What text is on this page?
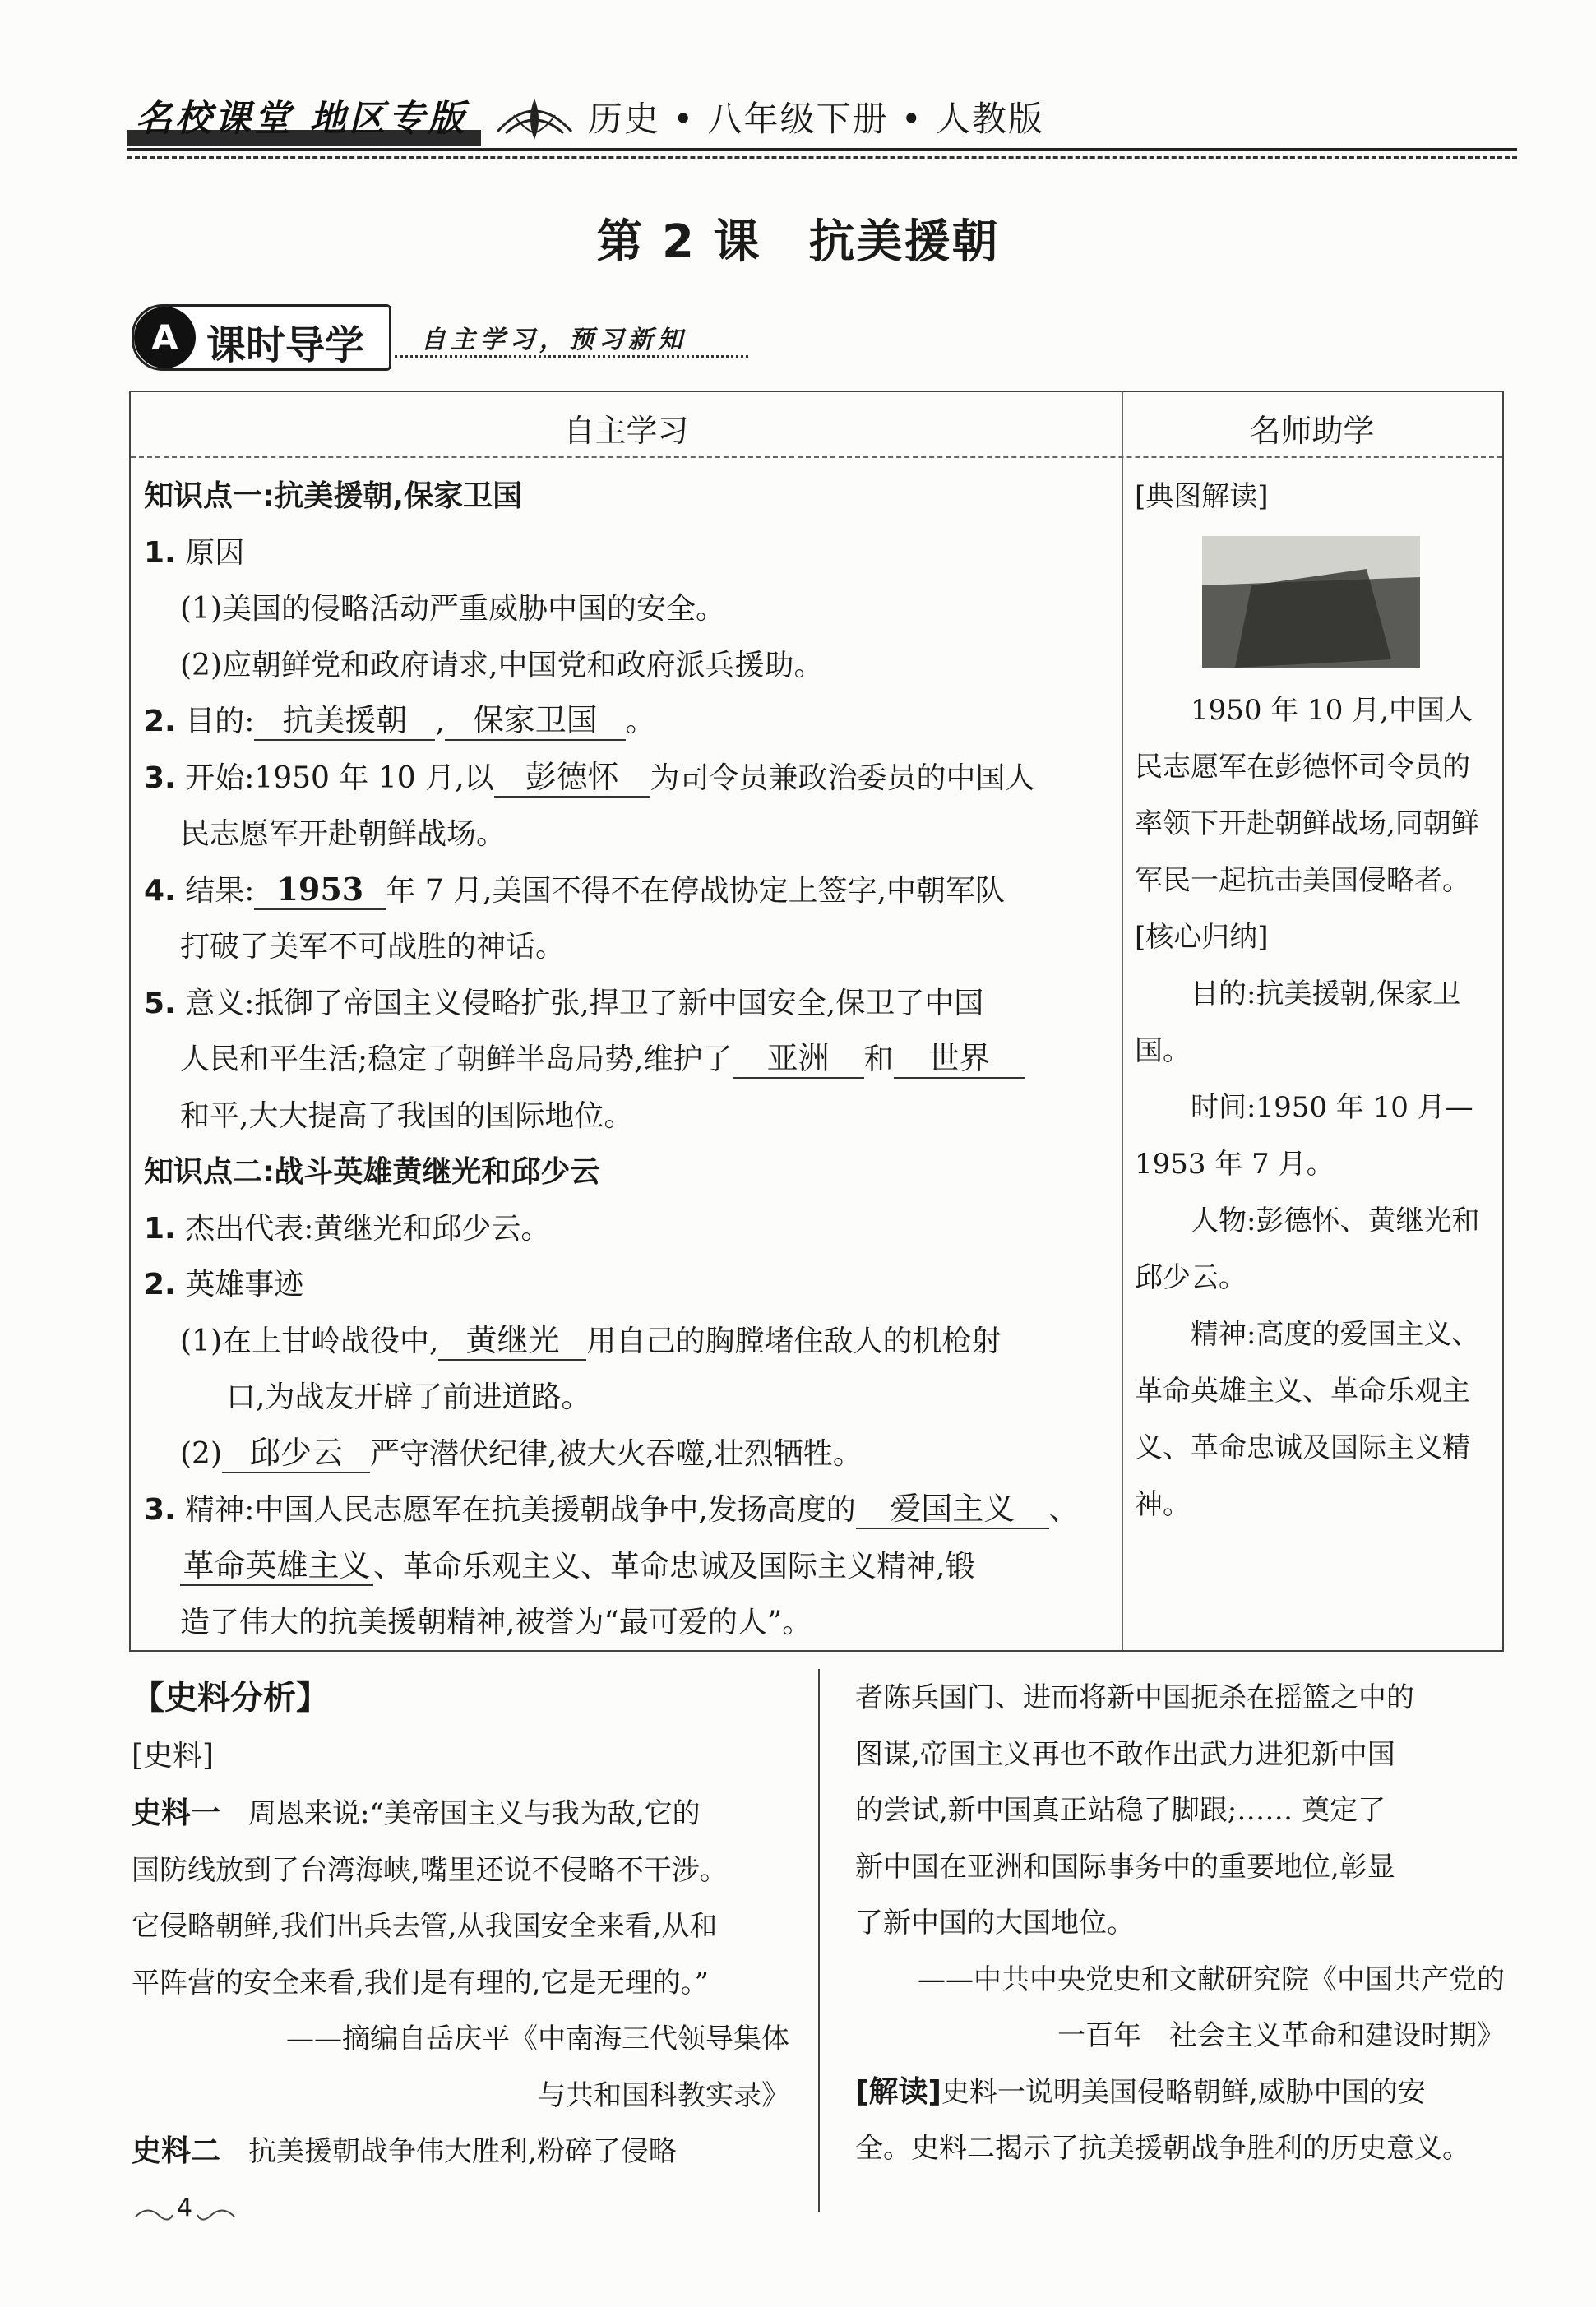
名校课堂 地区专版	历史 • 八年级下册 • 人教版
第 2 课　抗美援朝
A 课时导学 自主学习，预习新知
自主学习	名师助学
知识点一:抗美援朝,保家卫国
1. 原因
(1)美国的侵略活动严重威胁中国的安全。
(2)应朝鲜党和政府请求,中国党和政府派兵援助。
2. 目的: 抗美援朝 , 保家卫国 。
3. 开始:1950 年 10 月,以 彭德怀 为司令员兼政治委员的中国人
民志愿军开赴朝鲜战场。
4. 结果: 1953 年 7 月,美国不得不在停战协定上签字,中朝军队
打破了美军不可战胜的神话。
5. 意义:抵御了帝国主义侵略扩张,捍卫了新中国安全,保卫了中国
人民和平生活;稳定了朝鲜半岛局势,维护了 亚洲 和 世界
和平,大大提高了我国的国际地位。
知识点二:战斗英雄黄继光和邱少云
1. 杰出代表:黄继光和邱少云。
2. 英雄事迹
(1)在上甘岭战役中, 黄继光 用自己的胸膛堵住敌人的机枪射
口,为战友开辟了前进道路。
(2) 邱少云 严守潜伏纪律,被大火吞噬,壮烈牺牲。
3. 精神:中国人民志愿军在抗美援朝战争中,发扬高度的 爱国主义 、
革命英雄主义、革命乐观主义、革命忠诚及国际主义精神,锻
造了伟大的抗美援朝精神,被誉为“最可爱的人”。
[典图解读]
1950 年 10 月,中国人民志愿军在彭德怀司令员的率领下开赴朝鲜战场,同朝鲜军民一起抗击美国侵略者。
[核心归纳]
目的:抗美援朝,保家卫国。
时间:1950 年 10 月—1953 年 7 月。
人物:彭德怀、黄继光和邱少云。
精神:高度的爱国主义、革命英雄主义、革命乐观主义、革命忠诚及国际主义精神。
【史料分析】
[史料]
史料一　 周恩来说:“美帝国主义与我为敌,它的
国防线放到了台湾海峡,嘴里还说不侵略不干涉。
它侵略朝鲜,我们出兵去管,从我国安全来看,从和
平阵营的安全来看,我们是有理的,它是无理的。”
——摘编自岳庆平《中南海三代领导集体
与共和国科教实录》
史料二　 抗美援朝战争伟大胜利,粉碎了侵略
者陈兵国门、进而将新中国扼杀在摇篮之中的
图谋,帝国主义再也不敢作出武力进犯新中国
的尝试,新中国真正站稳了脚跟;…… 奠定了
新中国在亚洲和国际事务中的重要地位,彰显
了新中国的大国地位。
——中共中央党史和文献研究院《中国共产党的
一百年　社会主义革命和建设时期》
[解读]史料一说明美国侵略朝鲜,威胁中国的安
全。史料二揭示了抗美援朝战争胜利的历史意义。
4
